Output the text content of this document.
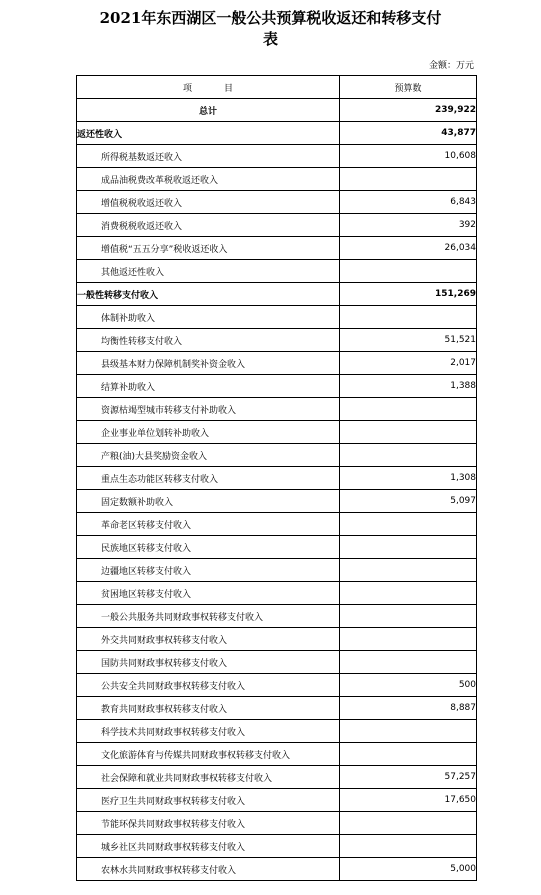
2021年东西湖区一般公共预算税收返还和转移支付
表
金额：万元
项目	预算数
总计	239,922
返还性收入	43,877
所得税基数返还收入	10,608
成品油税费改革税收返还收入	
增值税税收返还收入	6,843
消费税税收返还收入	392
增值税“五五分享”税收返还收入	26,034
其他返还性收入	
一般性转移支付收入	151,269
体制补助收入	
均衡性转移支付收入	51,521
县级基本财力保障机制奖补资金收入	2,017
结算补助收入	1,388
资源枯竭型城市转移支付补助收入	
企业事业单位划转补助收入	
产粮(油)大县奖励资金收入	
重点生态功能区转移支付收入	1,308
固定数额补助收入	5,097
革命老区转移支付收入	
民族地区转移支付收入	
边疆地区转移支付收入	
贫困地区转移支付收入	
一般公共服务共同财政事权转移支付收入	
外交共同财政事权转移支付收入	
国防共同财政事权转移支付收入	
公共安全共同财政事权转移支付收入	500
教育共同财政事权转移支付收入	8,887
科学技术共同财政事权转移支付收入	
文化旅游体育与传媒共同财政事权转移支付收入	
社会保障和就业共同财政事权转移支付收入	57,257
医疗卫生共同财政事权转移支付收入	17,650
节能环保共同财政事权转移支付收入	
城乡社区共同财政事权转移支付收入	
农林水共同财政事权转移支付收入	5,000
